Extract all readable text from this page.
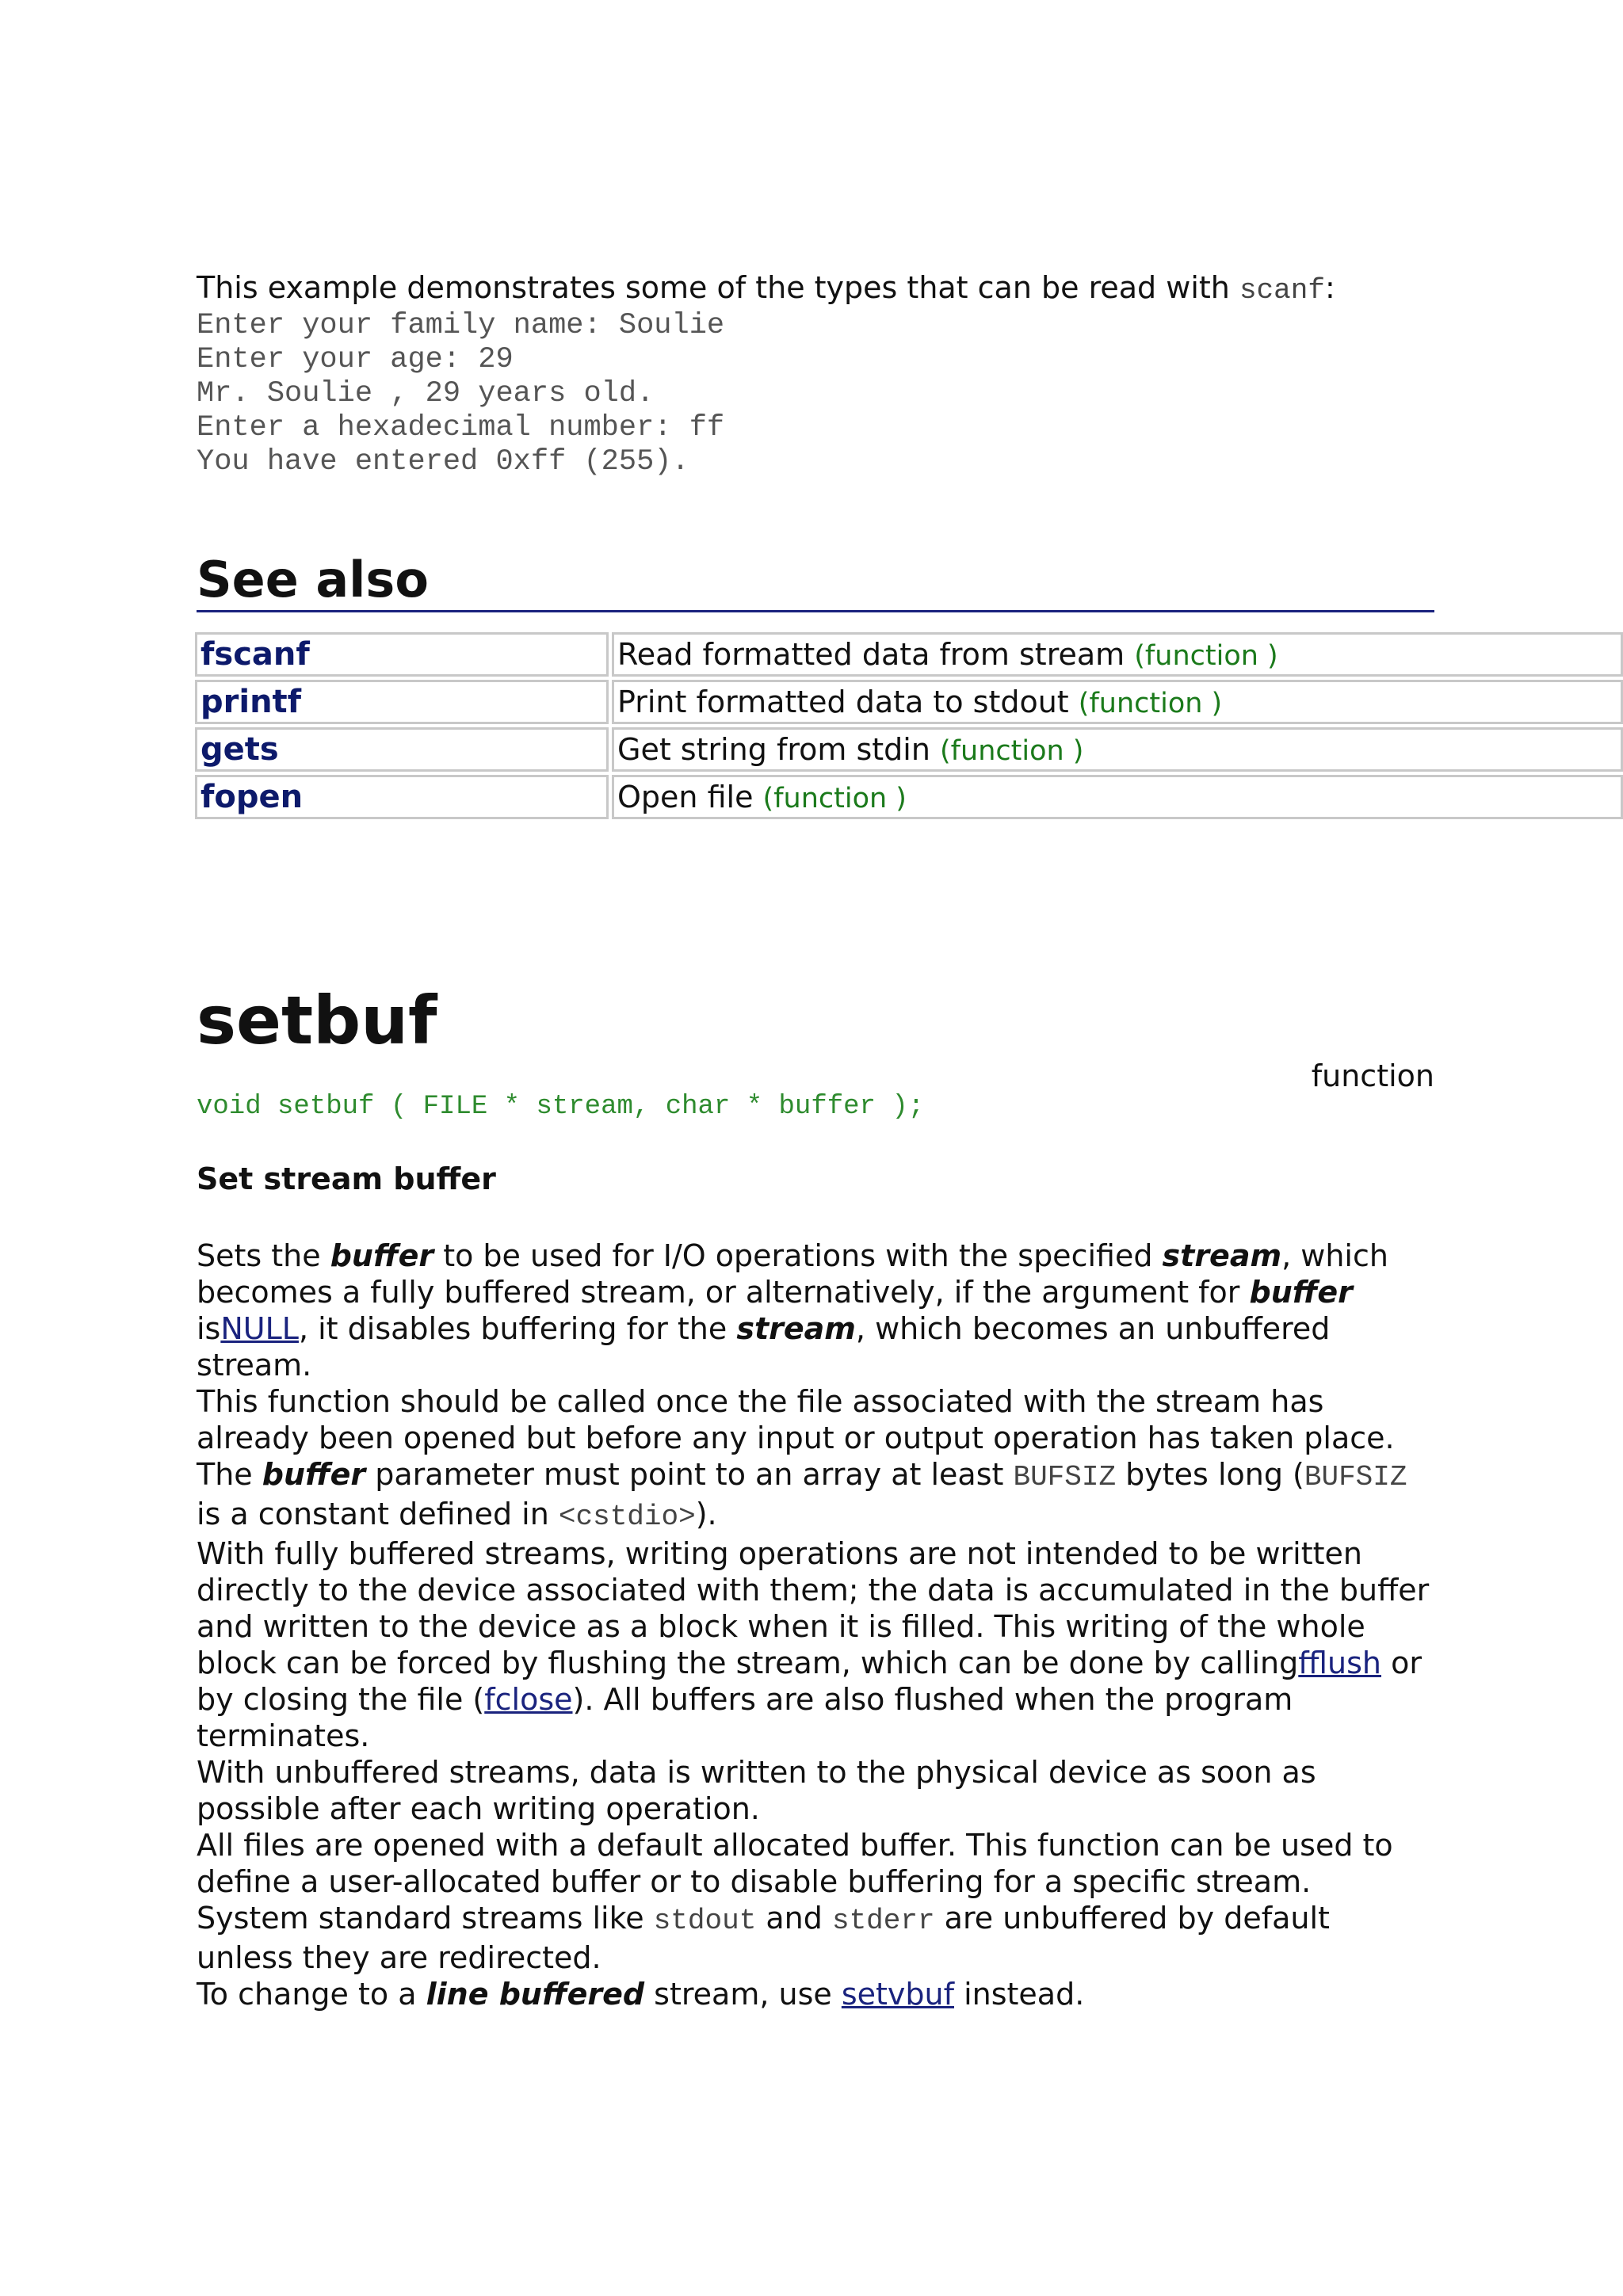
This example demonstrates some of the types that can be read with scanf:
Enter your family name: Soulie
Enter your age: 29
Mr. Soulie , 29 years old.
Enter a hexadecimal number: ff
You have entered 0xff (255).
See also
fscanf	Read formatted data from stream (function )
printf	Print formatted data to stdout (function )
gets	Get string from stdin (function )
fopen	Open file (function )
setbuf
function
void setbuf ( FILE * stream, char * buffer );
Set stream buffer

Sets the buffer to be used for I/O operations with the specified stream, which becomes a fully buffered stream, or alternatively, if the argument for buffer isNULL, it disables buffering for the stream, which becomes an unbuffered stream.

This function should be called once the file associated with the stream has already been opened but before any input or output operation has taken place.

The buffer parameter must point to an array at least BUFSIZ bytes long (BUFSIZ is a constant defined in <cstdio>).

With fully buffered streams, writing operations are not intended to be written directly to the device associated with them; the data is accumulated in the buffer and written to the device as a block when it is filled. This writing of the whole block can be forced by flushing the stream, which can be done by callingfflush or by closing the file (fclose). All buffers are also flushed when the program terminates.

With unbuffered streams, data is written to the physical device as soon as possible after each writing operation.

All files are opened with a default allocated buffer. This function can be used to define a user-allocated buffer or to disable buffering for a specific stream.

System standard streams like stdout and stderr are unbuffered by default unless they are redirected.

To change to a line buffered stream, use setvbuf instead.
